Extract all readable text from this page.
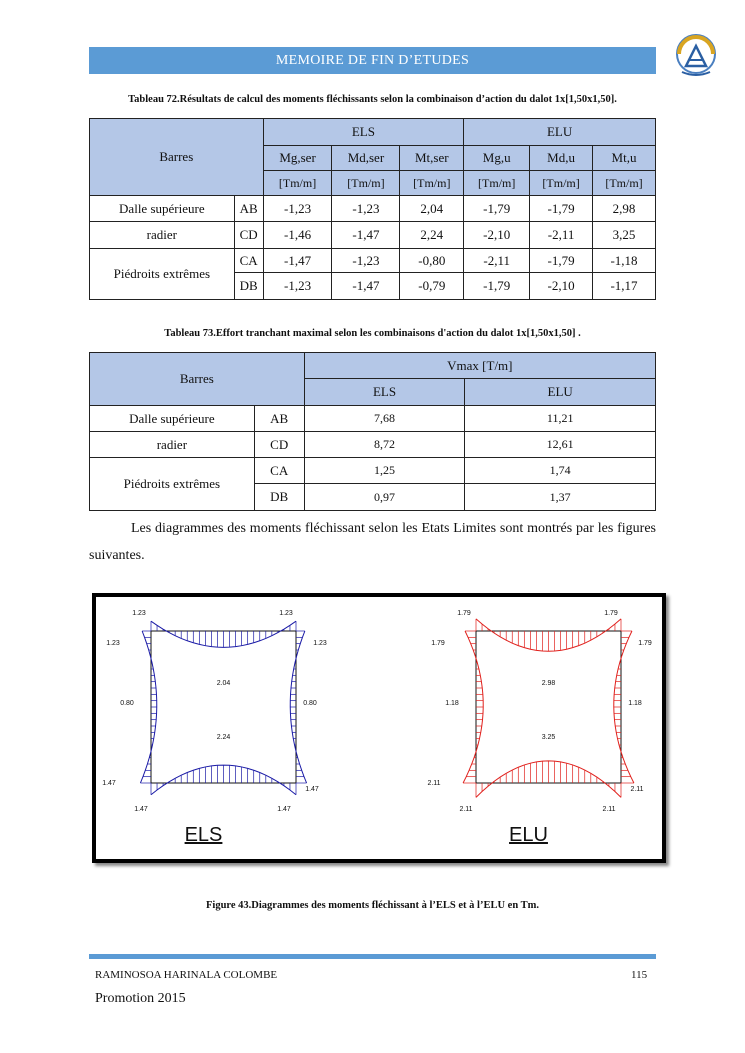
MEMOIRE DE FIN D’ETUDES
Tableau 72.Résultats de calcul des moments fléchissants selon la combinaison d’action du dalot 1x[1,50x1,50].
Barres		ELS			ELU		
		Mg,ser	Md,ser	Mt,ser	Mg,u	Md,u	Mt,u
		[Tm/m]	[Tm/m]	[Tm/m]	[Tm/m]	[Tm/m]	[Tm/m]
Dalle supérieure	AB	-1,23	-1,23	2,04	-1,79	-1,79	2,98
radier	CD	-1,46	-1,47	2,24	-2,10	-2,11	3,25
Piédroits extrêmes	CA	-1,47	-1,23	-0,80	-2,11	-1,79	-1,18
	DB	-1,23	-1,47	-0,79	-1,79	-2,10	-1,17
Tableau 73.Effort tranchant maximal selon les combinaisons d'action du dalot 1x[1,50x1,50] .
Barres		Vmax [T/m]	
		ELS	ELU
Dalle supérieure	AB	7,68	11,21
radier	CD	8,72	12,61
Piédroits extrêmes	CA	1,25	1,74
	DB	0,97	1,37
Les diagrammes des moments fléchissant selon les Etats Limites sont montrés par les figures suivantes.
1.23	1.23
1.23	1.23
2.04
0.80	0.80
2.24
1.47
1.47
1.47	1.47
ELS
1.79	1.79
1.79	1.79
2.98
1.18	1.18
3.25
2.11
2.11
2.11	2.11
ELU
Figure 43.Diagrammes des moments fléchissant à l’ELS et à l’ELU en Tm.
RAMINOSOA HARINALA COLOMBE	115
Promotion 2015
